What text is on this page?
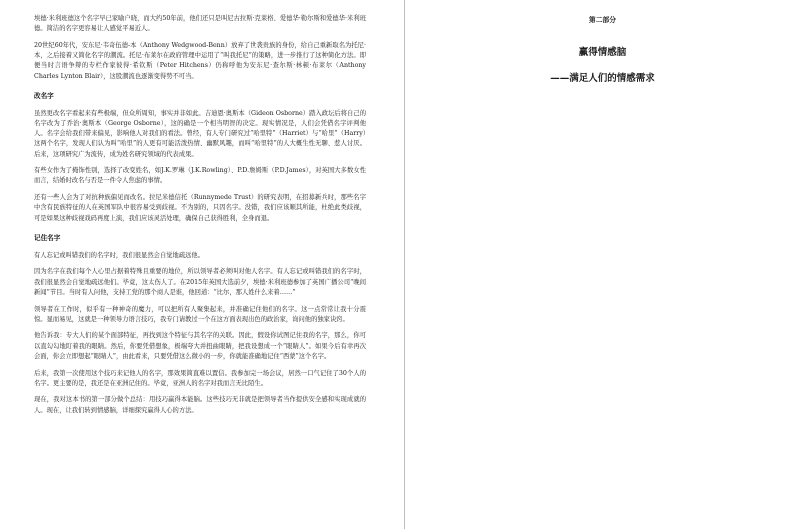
埃德·米利班德这个名字早已家喻户晓，而大约50年前，他们还只是叫尼古拉斯·克莱格、爱德华·勒尔斯和爱德华·米利班德。简洁的名字更容易让人感觉平易近人。

20世纪60年代，安东尼·韦奇伍德-本（Anthony Wedgwood-Benn）放弃了世袭贵族的身份，给自己重新取名为托尼·本，之后接着又简化名字的潮流。托尼·布莱尔在政府管理中运用了“叫我托尼”的策略，进一步推行了这种简化方法。即便当时言语争辩的专栏作家彼得·希钦斯（Peter Hitchens）仍称呼他为安东尼·查尔斯·林顿·布莱尔（Anthony Charles Lynton Blair），这股潮流也逐渐变得势不可当。

改名字

虽然更改名字看起来有些极端，但众所周知，事实并非如此。吉迪恩·奥斯本（Gideon Osborne）踏入政坛后将自己的名字改为了乔治·奥斯本（George Osborne），这的确是一个相当明智的决定。现实情况是，人们会凭借名字评判他人。名字会给我们带来偏见，影响他人对我们的看法。曾经，有人专门研究过“哈里特”（Harriet）与“哈里”（Harry）这两个名字，发现人们认为叫“哈里”的人更有可能活泼热情、幽默风趣，而叫“哈里特”的人大概生性无聊、惹人讨厌。后来，这项研究广为流传，成为姓名研究领域的代表成果。

有些女作为了掩饰性别，选择了改变姓名，如J.K.罗琳（J.K.Rowling）、P.D.詹姆斯（P.D.James），对英国大多数女性而言，结婚时改名与否是一件令人焦虑的事情。

还有一些人会为了对抗种族偏见而改名。拉尼米德信托（Runnymede Trust）的研究表明，在招募新兵时，那些名字中含有民族特征的人在英国军队中很容易受到歧视。不为别的，只因名字。没错，我们应该顺其所能，杜绝此类歧视，可是如果这种歧视戏码再度上演，我们应该灵活处理，确保自己获得胜利，全身而退。

记住名字

有人忘记或叫错我们的名字时，我们很显然会自觉地疏远他。

因为名字在我们每个人心里占据着特殊且重要的地位，所以领导者必须叫对他人名字。有人忘记或叫错我们的名字时，我们很显然会自觉地疏远他们。毕竟，这太伤人了。在2015年英国大选前夕，埃德·米利班德参加了英国广播公司“晚间新闻”节目。当时有人问他，支持工党的那个商人是谁，他回道：“比尔，那人姓什么来着……”

领导者在工作时，似乎有一种神奇的魔力，可以把所有人聚集起来，并准确记住他们的名字。这一点常常让我十分震惊。显而易见，这就是一种领导力语言技巧，我专门请教过一个在这方面表现出色的政治家，询问他的独家诀窍。

他告诉我：专大人们的某个面部特征，再找到这个特征与其名字的关联。因此，假设你试图记住我的名字，那么，你可以直勾勾地盯着我的眼睛。然后，你要凭借想象，极端夸大并扭曲眼睛，把我设想成一个“眼睛人”。如果今后有幸再次会面，你会立即想起“眼睛人”，由此看来，只要凭借这么微小的一步，你就能准确地记住“西蒙”这个名字。

后来，我第一次使用这个技巧来记他人的名字，那效果简直难以置信。我参加完一场会议，居然一口气记住了30个人的名字。更主要的是，我还是在亚洲记住的。毕竟，亚洲人的名字对我而言无比陌生。

现在，我对这本书的第一部分做个总结：用技巧赢得本能脑。这些技巧无非就是把领导者当作提供安全感和实现成就的人。现在，让我们转到情感脑，详细探究赢得人心的方法。

第二部分
赢得情感脑
——满足人们的情感需求
